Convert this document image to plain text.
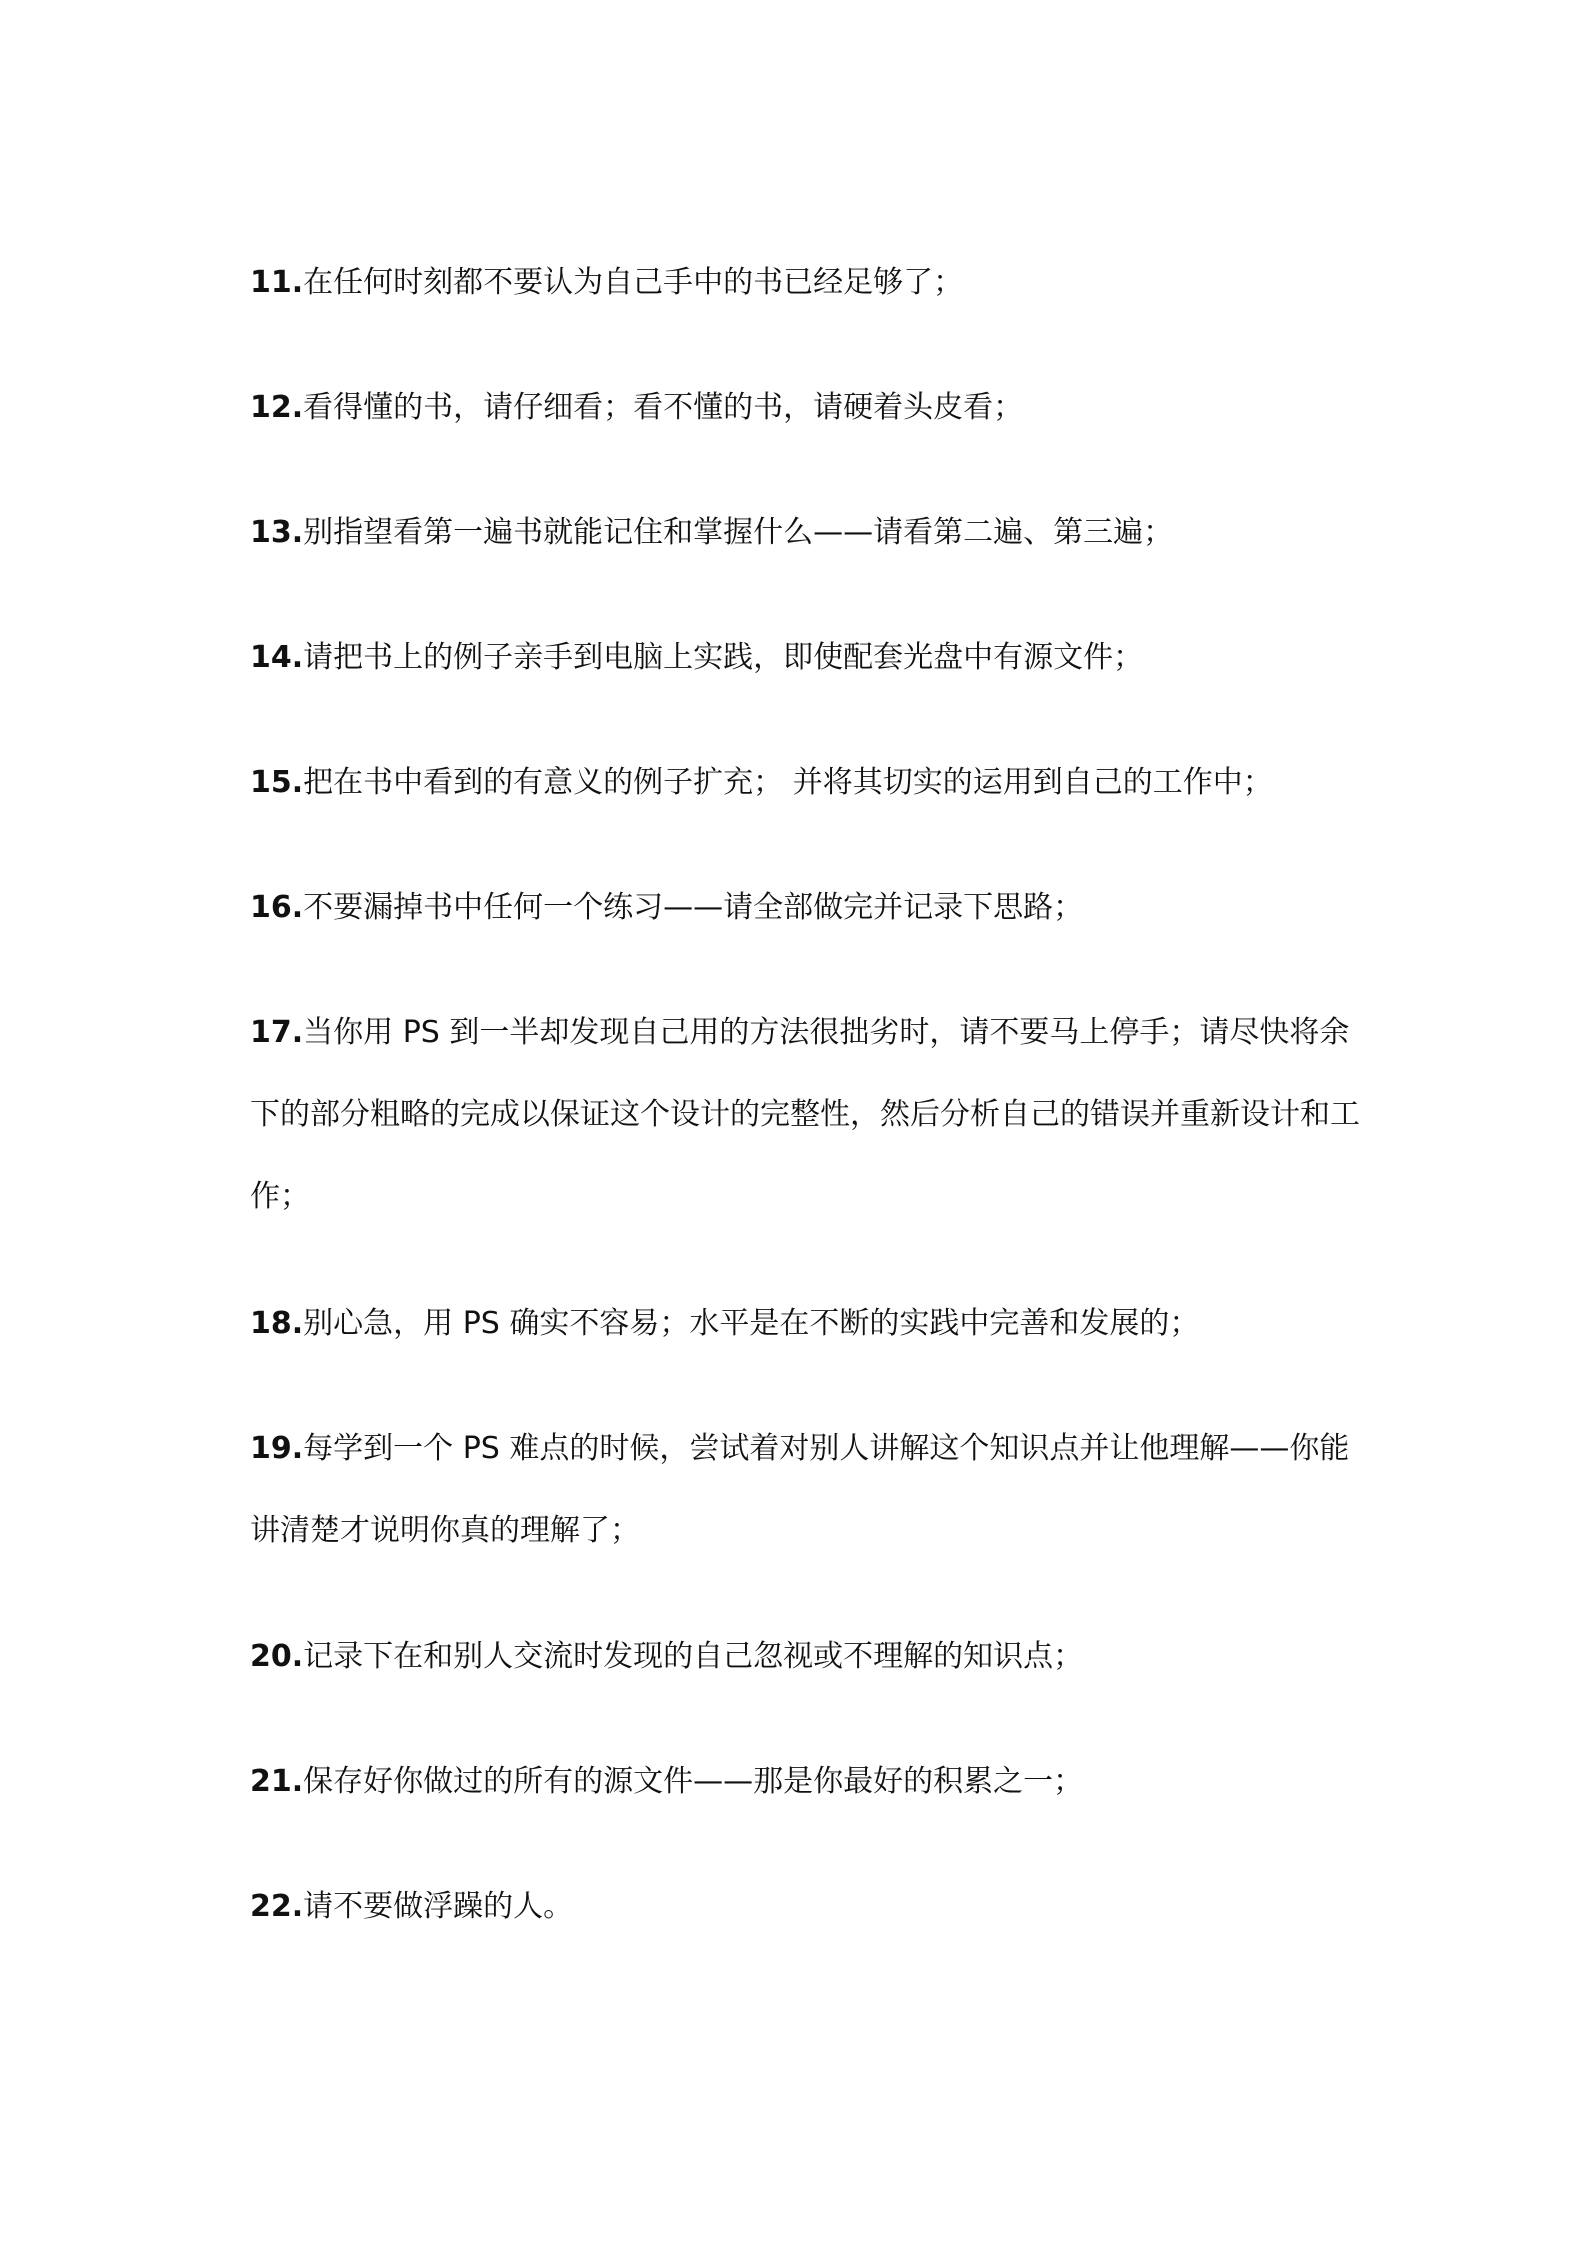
11.在任何时刻都不要认为自己手中的书已经足够了；
12.看得懂的书，请仔细看；看不懂的书，请硬着头皮看；
13.别指望看第一遍书就能记住和掌握什么——请看第二遍、第三遍；
14.请把书上的例子亲手到电脑上实践，即使配套光盘中有源文件；
15.把在书中看到的有意义的例子扩充； 并将其切实的运用到自己的工作中；
16.不要漏掉书中任何一个练习——请全部做完并记录下思路；
17.当你用 PS 到一半却发现自己用的方法很拙劣时，请不要马上停手；请尽快将余下的部分粗略的完成以保证这个设计的完整性，然后分析自己的错误并重新设计和工作；
18.别心急，用 PS 确实不容易；水平是在不断的实践中完善和发展的；
19.每学到一个 PS 难点的时候，尝试着对别人讲解这个知识点并让他理解——你能讲清楚才说明你真的理解了；
20.记录下在和别人交流时发现的自己忽视或不理解的知识点；
21.保存好你做过的所有的源文件——那是你最好的积累之一；
22.请不要做浮躁的人。
